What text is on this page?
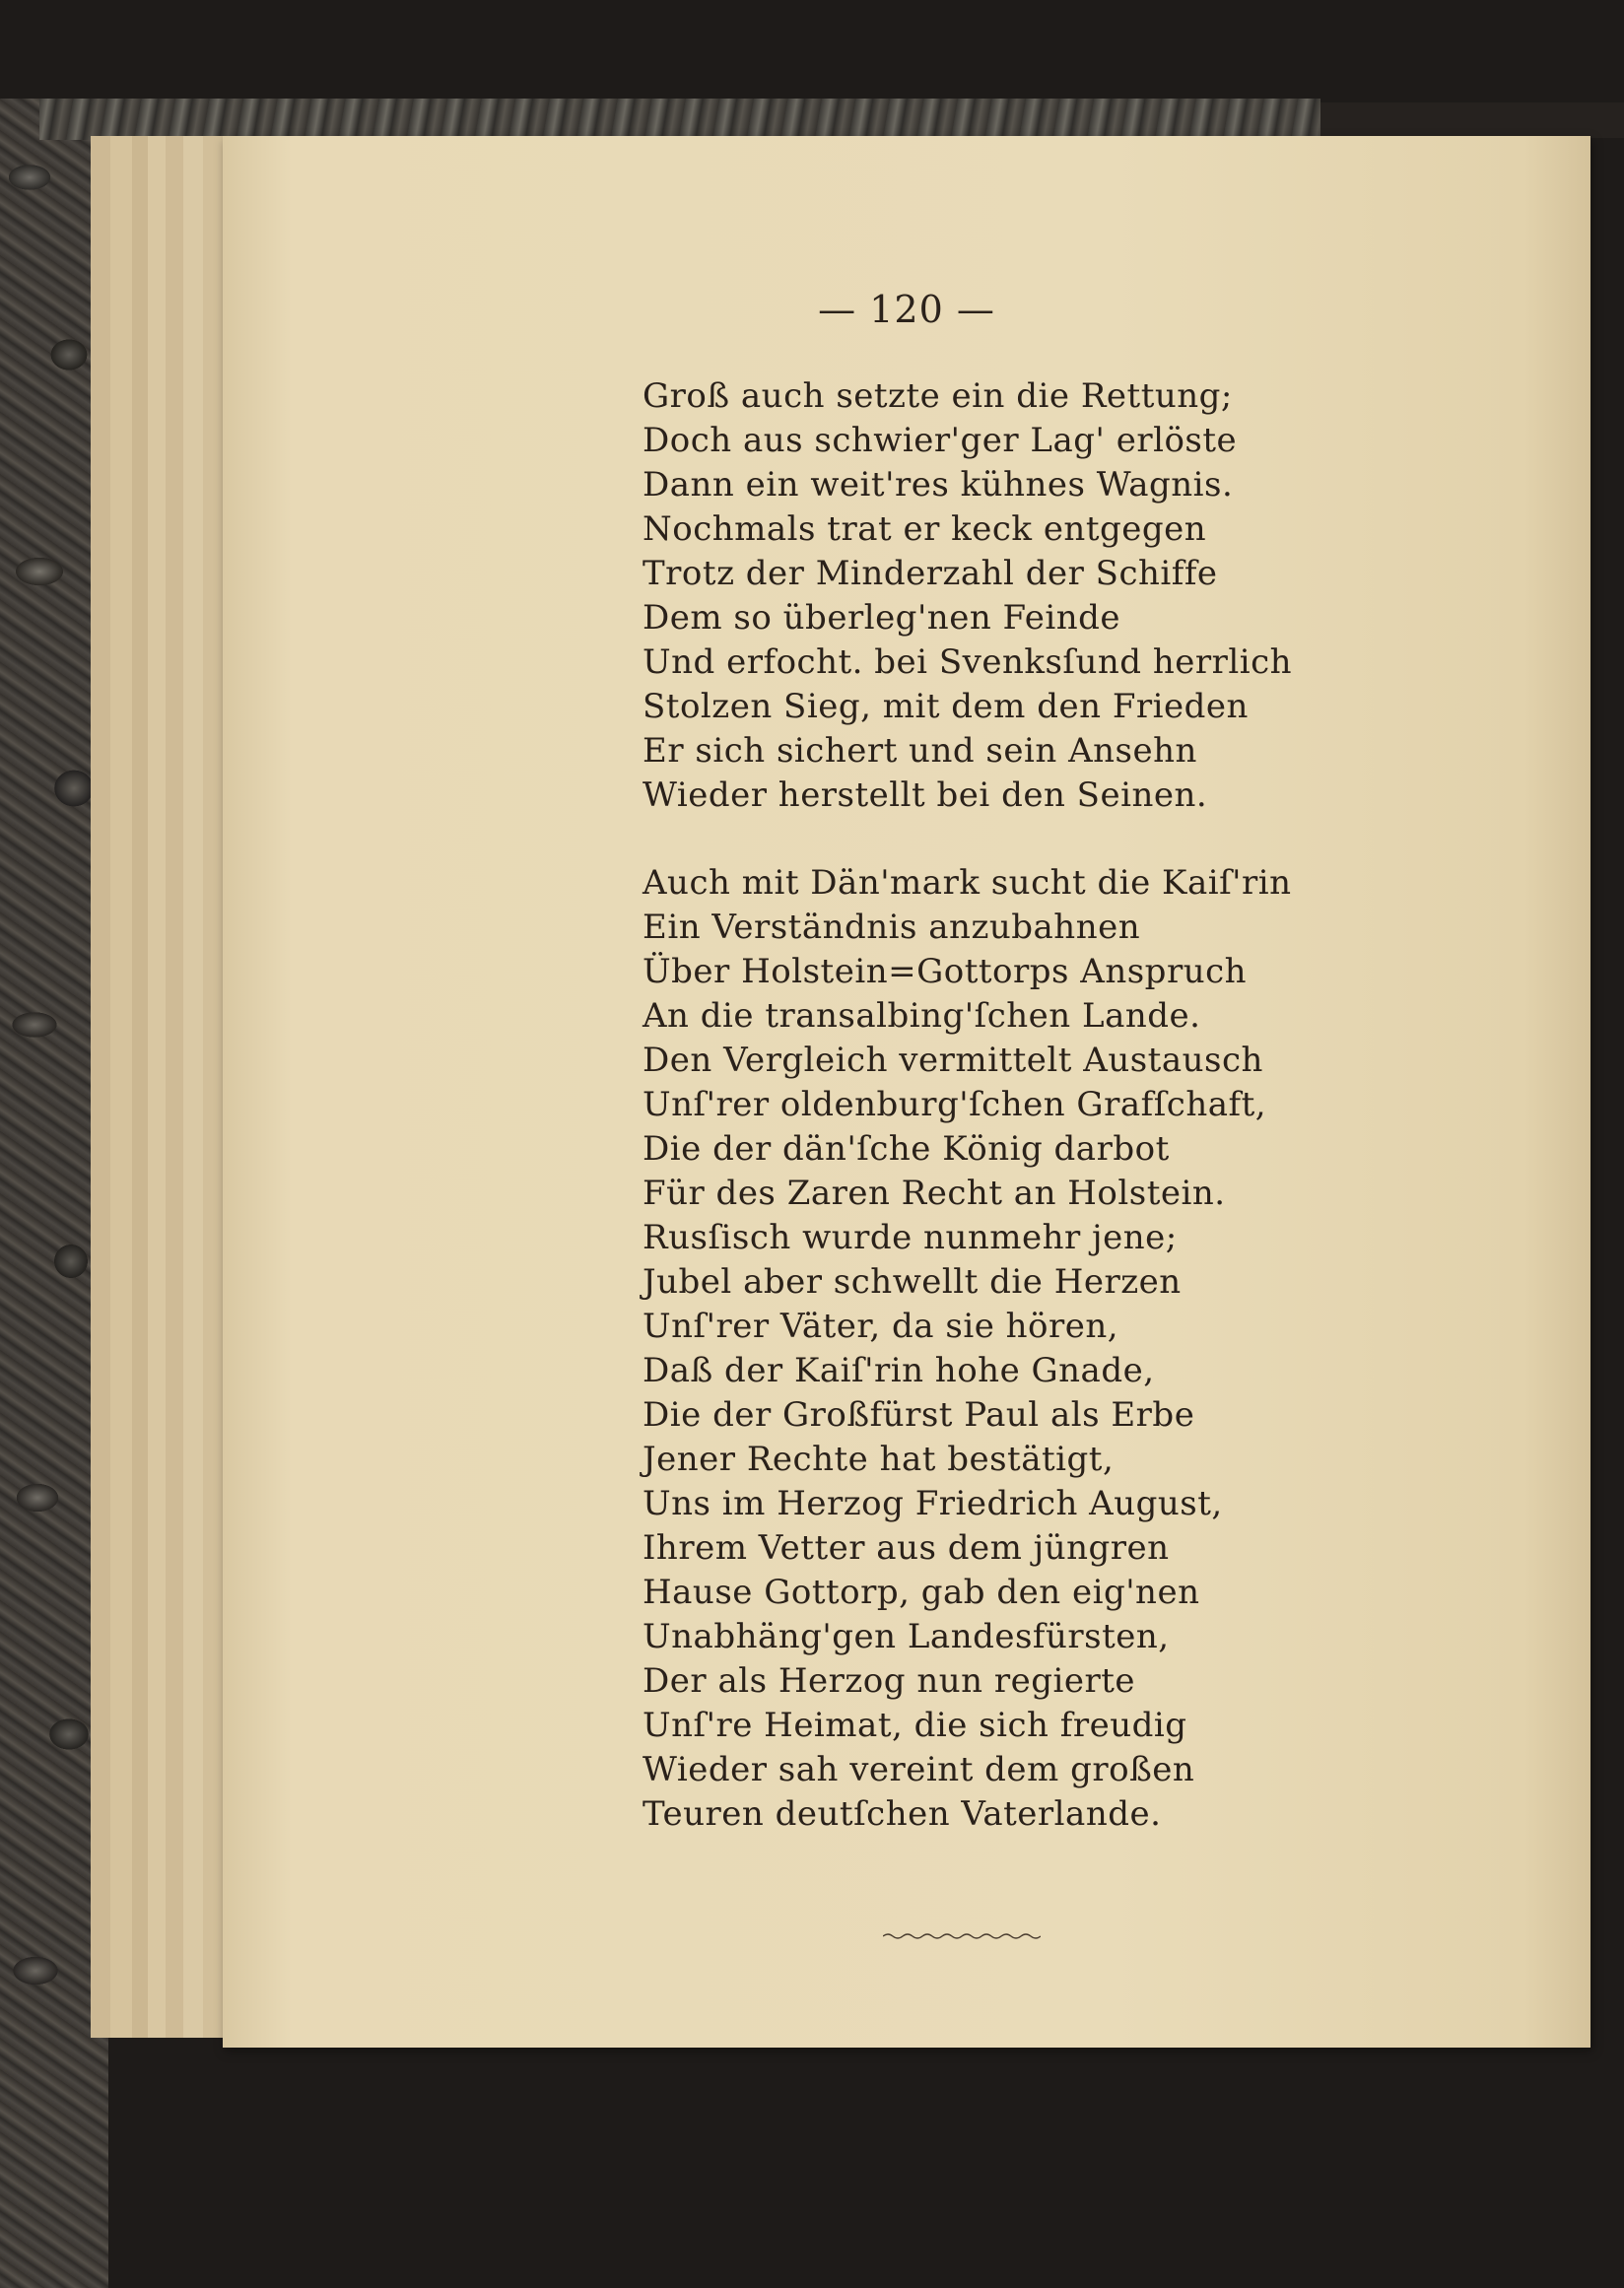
— 120 —
Groß auch setzte ein die Rettung;
Doch aus schwier'ger Lag' erlöste
Dann ein weit'res kühnes Wagnis.
Nochmals trat er keck entgegen
Trotz der Minderzahl der Schiffe
Dem so überleg'nen Feinde
Und erfocht. bei Svenksſund herrlich
Stolzen Sieg, mit dem den Frieden
Er sich sichert und sein Ansehn
Wieder herstellt bei den Seinen.
Auch mit Dän'mark sucht die Kaiſ'rin
Ein Verständnis anzubahnen
Über Holstein=Gottorps Anspruch
An die transalbing'ſchen Lande.
Den Vergleich vermittelt Austausch
Unſ'rer oldenburg'ſchen Grafſchaft,
Die der dän'ſche König darbot
Für des Zaren Recht an Holstein.
Rusſisch wurde nunmehr jene;
Jubel aber schwellt die Herzen
Unſ'rer Väter, da sie hören,
Daß der Kaiſ'rin hohe Gnade,
Die der Großfürst Paul als Erbe
Jener Rechte hat bestätigt,
Uns im Herzog Friedrich August,
Ihrem Vetter aus dem jüngren
Hause Gottorp, gab den eig'nen
Unabhäng'gen Landesfürsten,
Der als Herzog nun regierte
Unſ're Heimat, die sich freudig
Wieder sah vereint dem großen
Teuren deutſchen Vaterlande.
